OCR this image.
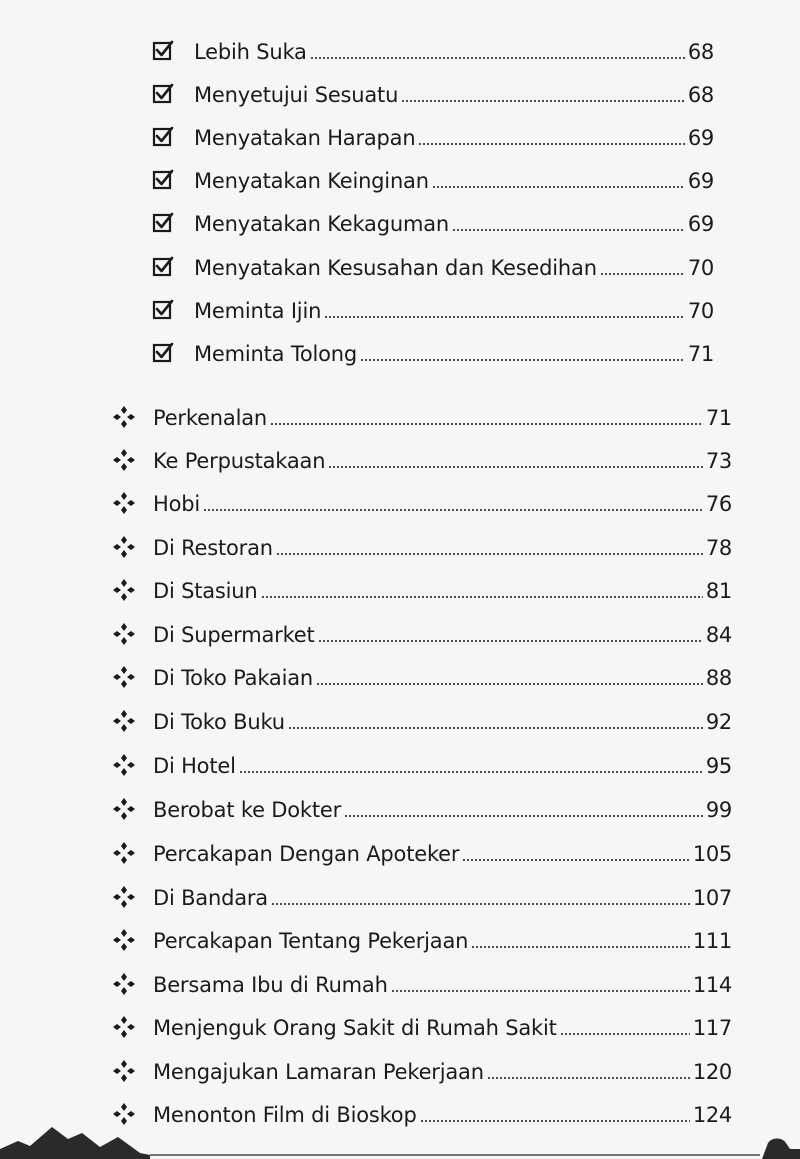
Lebih Suka	68
Menyetujui Sesuatu	68
Menyatakan Harapan	69
Menyatakan Keinginan	69
Menyatakan Kekaguman	69
Menyatakan Kesusahan dan Kesedihan	70
Meminta Ijin	70
Meminta Tolong	71
Perkenalan	71
Ke Perpustakaan	73
Hobi	76
Di Restoran	78
Di Stasiun	81
Di Supermarket	84
Di Toko Pakaian	88
Di Toko Buku	92
Di Hotel	95
Berobat ke Dokter	99
Percakapan Dengan Apoteker	105
Di Bandara	107
Percakapan Tentang Pekerjaan	111
Bersama Ibu di Rumah	114
Menjenguk Orang Sakit di Rumah Sakit	117
Mengajukan Lamaran Pekerjaan	120
Menonton Film di Bioskop	124
